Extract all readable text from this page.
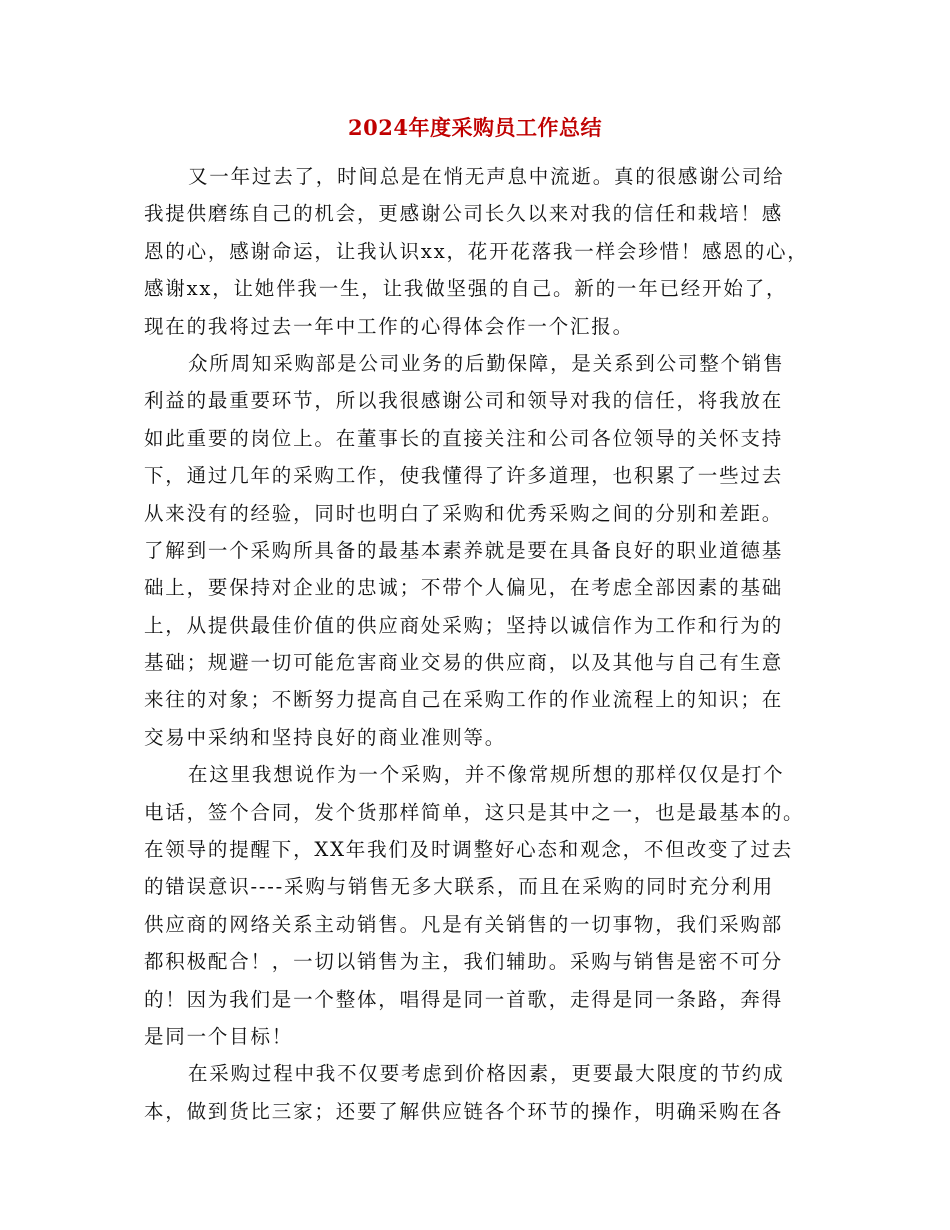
2024年度采购员工作总结
又一年过去了，时间总是在悄无声息中流逝。真的很感谢公司给
我提供磨练自己的机会，更感谢公司长久以来对我的信任和栽培！感
恩的心，感谢命运，让我认识xx，花开花落我一样会珍惜！感恩的心，
感谢xx，让她伴我一生，让我做坚强的自己。新的一年已经开始了，
现在的我将过去一年中工作的心得体会作一个汇报。
众所周知采购部是公司业务的后勤保障，是关系到公司整个销售
利益的最重要环节，所以我很感谢公司和领导对我的信任，将我放在
如此重要的岗位上。在董事长的直接关注和公司各位领导的关怀支持
下，通过几年的采购工作，使我懂得了许多道理，也积累了一些过去
从来没有的经验，同时也明白了采购和优秀采购之间的分别和差距。
了解到一个采购所具备的最基本素养就是要在具备良好的职业道德基
础上，要保持对企业的忠诚；不带个人偏见，在考虑全部因素的基础
上，从提供最佳价值的供应商处采购；坚持以诚信作为工作和行为的
基础；规避一切可能危害商业交易的供应商，以及其他与自己有生意
来往的对象；不断努力提高自己在采购工作的作业流程上的知识；在
交易中采纳和坚持良好的商业准则等。
在这里我想说作为一个采购，并不像常规所想的那样仅仅是打个
电话，签个合同，发个货那样简单，这只是其中之一，也是最基本的。
在领导的提醒下，XX年我们及时调整好心态和观念，不但改变了过去
的错误意识----采购与销售无多大联系，而且在采购的同时充分利用
供应商的网络关系主动销售。凡是有关销售的一切事物，我们采购部
都积极配合！，一切以销售为主，我们辅助。采购与销售是密不可分
的！因为我们是一个整体，唱得是同一首歌，走得是同一条路，奔得
是同一个目标！
在采购过程中我不仅要考虑到价格因素，更要最大限度的节约成
本，做到货比三家；还要了解供应链各个环节的操作，明确采购在各
